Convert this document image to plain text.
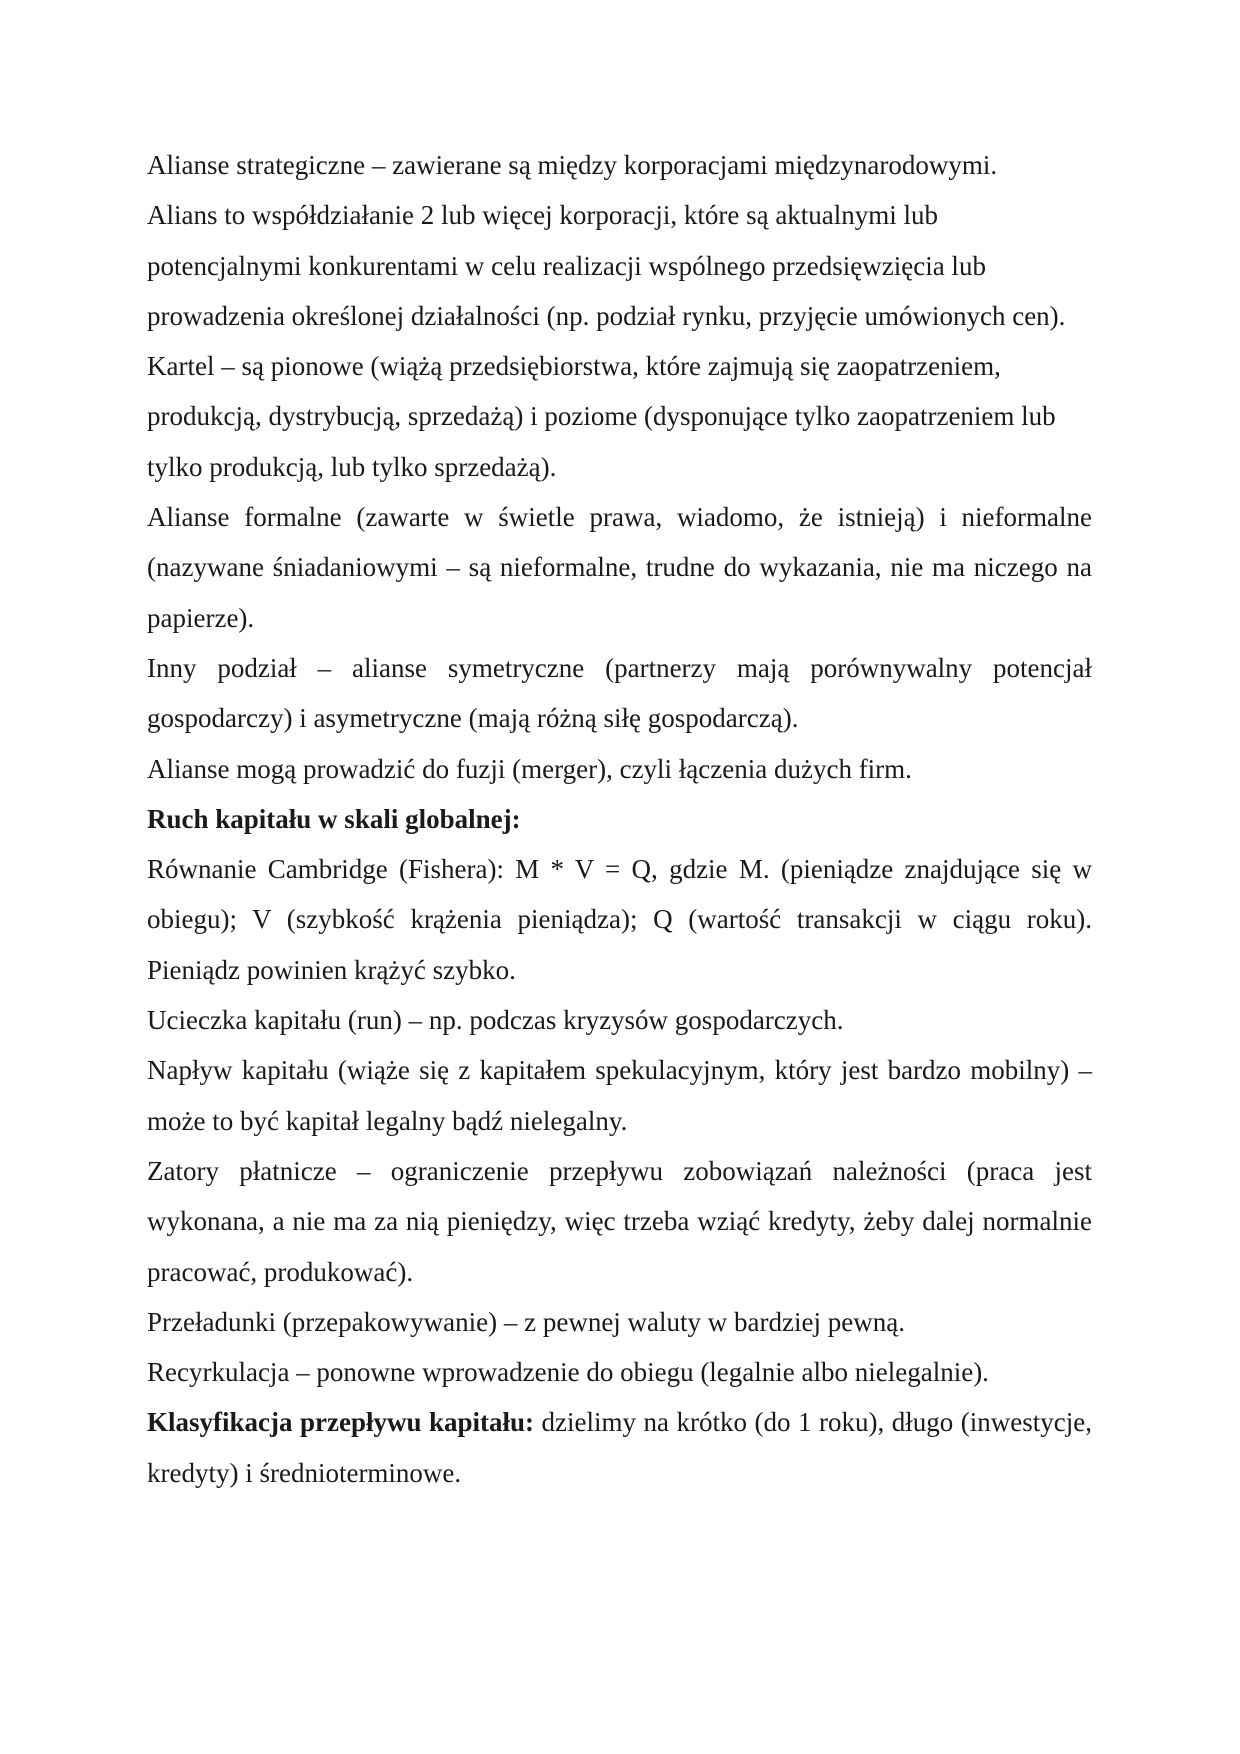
Alianse strategiczne – zawierane są między korporacjami międzynarodowymi.

Alians to współdziałanie 2 lub więcej korporacji, które są aktualnymi lub potencjalnymi konkurentami w celu realizacji wspólnego przedsięwzięcia lub prowadzenia określonej działalności (np. podział rynku, przyjęcie umówionych cen).

Kartel – są pionowe (wiążą przedsiębiorstwa, które zajmują się zaopatrzeniem, produkcją, dystrybucją, sprzedażą) i poziome (dysponujące tylko zaopatrzeniem lub tylko produkcją, lub tylko sprzedażą).

Alianse formalne (zawarte w świetle prawa, wiadomo, że istnieją) i nieformalne (nazywane śniadaniowymi – są nieformalne, trudne do wykazania, nie ma niczego na papierze).

Inny podział – alianse symetryczne (partnerzy mają porównywalny potencjał gospodarczy) i asymetryczne (mają różną siłę gospodarczą).

Alianse mogą prowadzić do fuzji (merger), czyli łączenia dużych firm.

Ruch kapitału w skali globalnej:

Równanie Cambridge (Fishera): M * V = Q, gdzie M. (pieniądze znajdujące się w obiegu); V (szybkość krążenia pieniądza); Q (wartość transakcji w ciągu roku). Pieniądz powinien krążyć szybko.

Ucieczka kapitału (run) – np. podczas kryzysów gospodarczych.

Napływ kapitału (wiąże się z kapitałem spekulacyjnym, który jest bardzo mobilny) – może to być kapitał legalny bądź nielegalny.

Zatory płatnicze – ograniczenie przepływu zobowiązań należności (praca jest wykonana, a nie ma za nią pieniędzy, więc trzeba wziąć kredyty, żeby dalej normalnie pracować, produkować).

Przeładunki (przepakowywanie) – z pewnej waluty w bardziej pewną.

Recyrkulacja – ponowne wprowadzenie do obiegu (legalnie albo nielegalnie).

Klasyfikacja przepływu kapitału: dzielimy na krótko (do 1 roku), długo (inwestycje, kredyty) i średnioterminowe.
